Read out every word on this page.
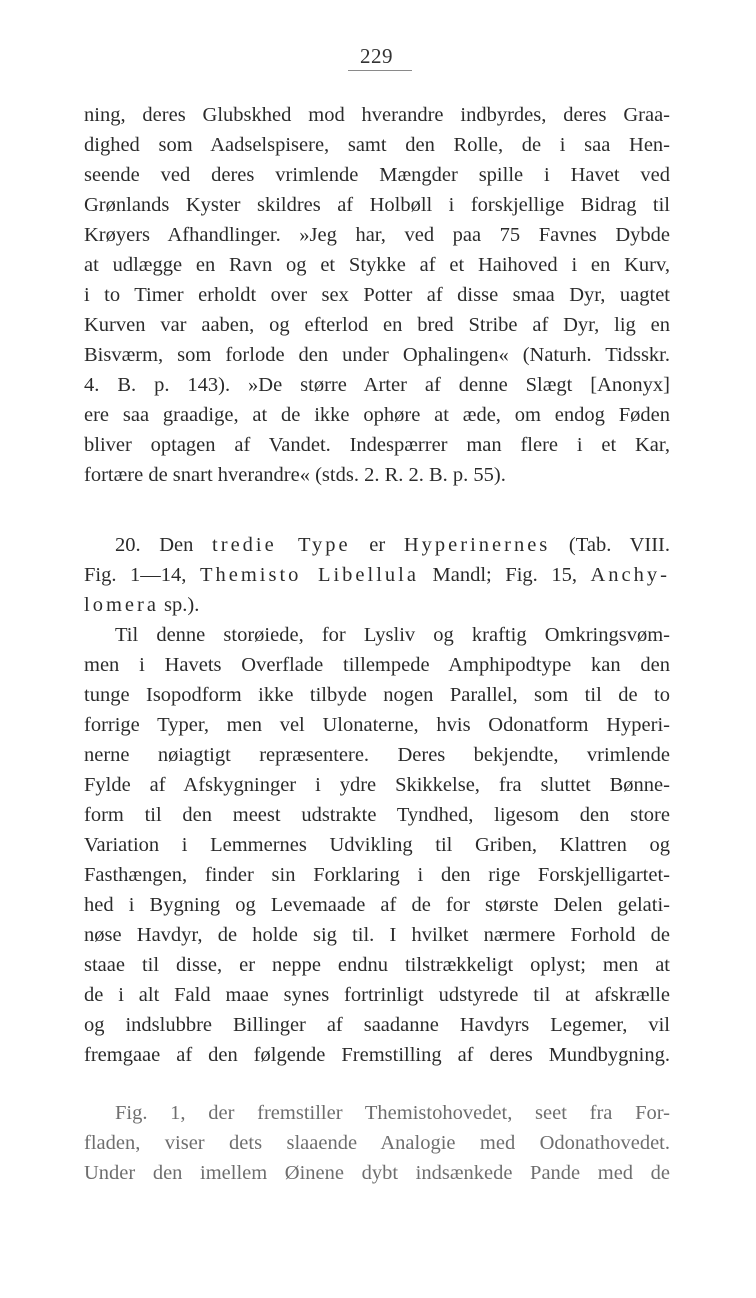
229
ning, deres Glubskhed mod hverandre indbyrdes, deres Graa-
dighed som Aadselspisere, samt den Rolle, de i saa Hen-
seende ved deres vrimlende Mængder spille i Havet ved
Grønlands Kyster skildres af Holbøll i forskjellige Bidrag til
Krøyers Afhandlinger. »Jeg har, ved paa 75 Favnes Dybde
at udlægge en Ravn og et Stykke af et Haihoved i en Kurv,
i to Timer erholdt over sex Potter af disse smaa Dyr, uagtet
Kurven var aaben, og efterlod en bred Stribe af Dyr, lig en
Bisværm, som forlode den under Ophalingen« (Naturh. Tidsskr.
4. B. p. 143). »De større Arter af denne Slægt [Anonyx]
ere saa graadige, at de ikke ophøre at æde, om endog Føden
bliver optagen af Vandet. Indespærrer man flere i et Kar,
fortære de snart hverandre« (stds. 2. R. 2. B. p. 55).
20. Den tredie Type er Hyperinernes (Tab. VIII.
Fig. 1—14, Themisto Libellula Mandl; Fig. 15, Anchy-
lomera sp.).
Til denne storøiede, for Lysliv og kraftig Omkringsvøm-
men i Havets Overflade tillempede Amphipodtype kan den
tunge Isopodform ikke tilbyde nogen Parallel, som til de to
forrige Typer, men vel Ulonaterne, hvis Odonatform Hyperi-
nerne nøiagtigt repræsentere. Deres bekjendte, vrimlende
Fylde af Afskygninger i ydre Skikkelse, fra sluttet Bønne-
form til den meest udstrakte Tyndhed, ligesom den store
Variation i Lemmernes Udvikling til Griben, Klattren og
Fasthængen, finder sin Forklaring i den rige Forskjelligartet-
hed i Bygning og Levemaade af de for største Delen gelati-
nøse Havdyr, de holde sig til. I hvilket nærmere Forhold de
staae til disse, er neppe endnu tilstrækkeligt oplyst; men at
de i alt Fald maae synes fortrinligt udstyrede til at afskrælle
og indslubbre Billinger af saadanne Havdyrs Legemer, vil
fremgaae af den følgende Fremstilling af deres Mundbygning.
Fig. 1, der fremstiller Themistohovedet, seet fra For-
fladen, viser dets slaaende Analogie med Odonathovedet.
Under den imellem Øinene dybt indsænkede Pande med de
